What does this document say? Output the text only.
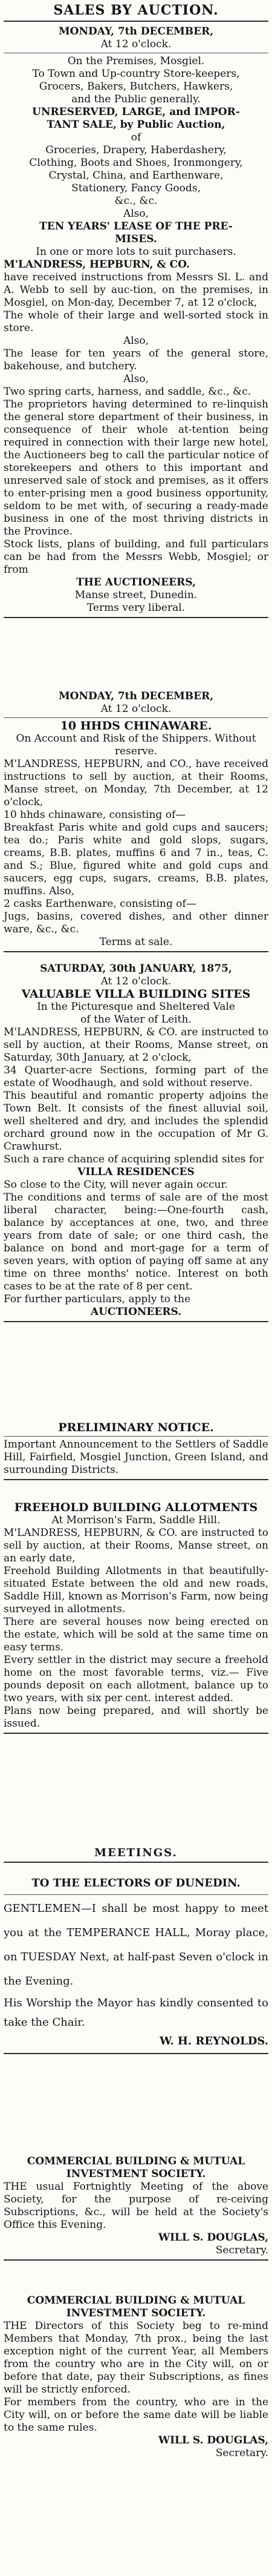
SALES BY AUCTION.
MONDAY, 7th DECEMBER,
At 12 o'clock.
On the Premises, Mosgiel.
To Town and Up-country Store-keepers,
Grocers, Bakers, Butchers, Hawkers,
and the Public generally.
UNRESERVED, LARGE, and IMPOR-
TANT SALE, by Public Auction,
of
Groceries, Drapery, Haberdashery,
Clothing, Boots and Shoes, Ironmongery,
Crystal, China, and Earthenware,
Stationery, Fancy Goods,
&c., &c.
Also,
TEN YEARS' LEASE OF THE PRE-
MISES.
In one or more lots to suit purchasers.
M'LANDRESS, HEPBURN, & CO.
have received instructions from Messrs Sl. L. and A. Webb to sell by auc-tion, on the premises, in Mosgiel, on Mon-day, December 7, at 12 o'clock,
The whole of their large and well-sorted stock in store.
Also,
The lease for ten years of the general store, bakehouse, and butchery.
Also,
Two spring carts, harness, and saddle, &c., &c.
The proprietors having determined to re-linquish the general store department of their business, in consequence of their whole at-tention being required in connection with their large new hotel, the Auctioneers beg to call the particular notice of storekeepers and others to this important and unreserved sale of stock and premises, as it offers to enter-prising men a good business opportunity, seldom to be met with, of securing a ready-made business in one of the most thriving districts in the Province.
Stock lists, plans of building, and full particulars can be had from the Messrs Webb, Mosgiel; or from
THE AUCTIONEERS,
Manse street, Dunedin.
Terms very liberal.
MONDAY, 7th DECEMBER,
At 12 o'clock.
10 HHDS CHINAWARE.
On Account and Risk of the Shippers. Without reserve.
M'LANDRESS, HEPBURN, and CO., have received instructions to sell by auction, at their Rooms, Manse street, on Monday, 7th December, at 12 o'clock,
10 hhds chinaware, consisting of—
Breakfast Paris white and gold cups and saucers; tea do.; Paris white and gold slops, sugars, creams, B.B. plates, muffins 6 and 7 in., teas, C. and S.; Blue, figured white and gold cups and saucers, egg cups, sugars, creams, B.B. plates, muffins. Also,
2 casks Earthenware, consisting of—
Jugs, basins, covered dishes, and other dinner ware, &c., &c.
Terms at sale.
SATURDAY, 30th JANUARY, 1875,
At 12 o'clock.
VALUABLE VILLA BUILDING SITES
In the Picturesque and Sheltered Vale
of the Water of Leith.
M'LANDRESS, HEPBURN, & CO. are instructed to sell by auction, at their Rooms, Manse street, on Saturday, 30th January, at 2 o'clock,
34 Quarter-acre Sections, forming part of the estate of Woodhaugh, and sold without reserve.
This beautiful and romantic property adjoins the Town Belt. It consists of the finest alluvial soil, well sheltered and dry, and includes the splendid orchard ground now in the occupation of Mr G. Crawhurst.
Such a rare chance of acquiring splendid sites for
VILLA RESIDENCES
So close to the City, will never again occur.
The conditions and terms of sale are of the most liberal character, being:—One-fourth cash, balance by acceptances at one, two, and three years from date of sale; or one third cash, the balance on bond and mort-gage for a term of seven years, with option of paying off same at any time on three months' notice. Interest on both cases to be at the rate of 8 per cent.
For further particulars, apply to the
AUCTIONEERS.
PRELIMINARY NOTICE.
Important Announcement to the Settlers of Saddle Hill, Fairfield, Mosgiel Junction, Green Island, and surrounding Districts.
FREEHOLD BUILDING ALLOTMENTS
At Morrison's Farm, Saddle Hill.
M'LANDRESS, HEPBURN, & CO. are instructed to sell by auction, at their Rooms, Manse street, on an early date,
Freehold Building Allotments in that beautifully-situated Estate between the old and new roads, Saddle Hill, known as Morrison's Farm, now being surveyed in allotments.
There are several houses now being erected on the estate, which will be sold at the same time on easy terms.
Every settler in the district may secure a freehold home on the most favorable terms, viz.— Five pounds deposit on each allotment, balance up to two years, with six per cent. interest added.
Plans now being prepared, and will shortly be issued.
MEETINGS.
TO THE ELECTORS OF DUNEDIN.
GENTLEMEN—I shall be most happy to meet you at the TEMPERANCE HALL, Moray place, on TUESDAY Next, at half-past Seven o'clock in the Evening.
His Worship the Mayor has kindly consented to take the Chair.
W. H. REYNOLDS.
COMMERCIAL BUILDING & MUTUAL
INVESTMENT SOCIETY.
THE usual Fortnightly Meeting of the above Society, for the purpose of re-ceiving Subscriptions, &c., will be held at the Society's Office this Evening.
WILL S. DOUGLAS,
Secretary.
COMMERCIAL BUILDING & MUTUAL
INVESTMENT SOCIETY.
THE Directors of this Society beg to re-mind Members that Monday, 7th prox., being the last exception night of the current Year, all Members from the country who are in the City will, on or before that date, pay their Subscriptions, as fines will be strictly enforced.
For members from the country, who are in the City will, on or before the same date will be liable to the same rules.
WILL S. DOUGLAS,
Secretary.
